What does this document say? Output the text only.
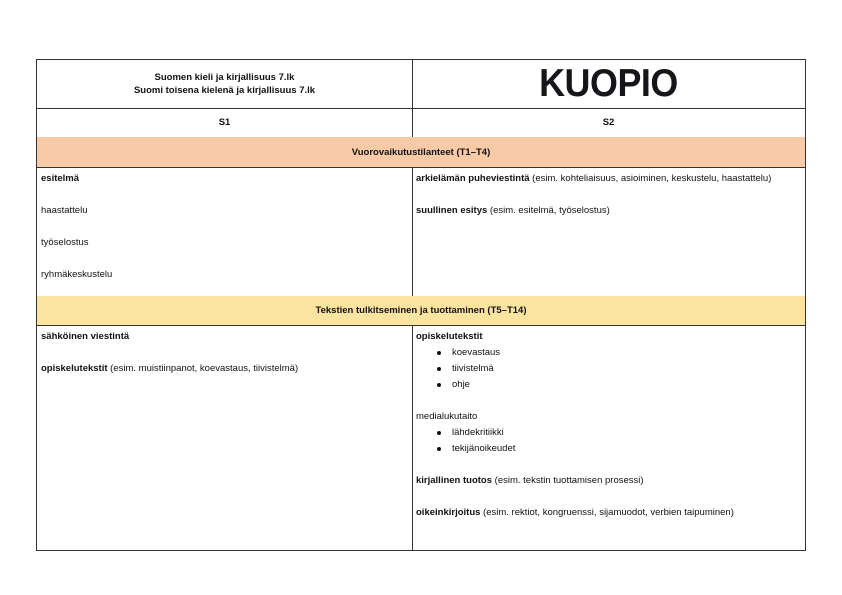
Suomen kieli ja kirjallisuus 7.lk
Suomi toisena kielenä ja kirjallisuus 7.lk	KUOPIO
S1	S2
Vuorovaikutustilanteet (T1–T4)

esitelmä

haastattelu

työselostus

ryhmäkeskustelu

arkielämän puheviestintä (esim. kohteliaisuus, asioiminen, keskustelu, haastattelu)

suullinen esitys (esim. esitelmä, työselostus)

Tekstien tulkitseminen ja tuottaminen (T5–T14)

sähköinen viestintä

opiskelutekstit (esim. muistiinpanot, koevastaus, tiivistelmä)

opiskelutekstit

koevastaus
tiivistelmä
ohje

medialukutaito

lähdekritiikki
tekijänoikeudet

kirjallinen tuotos (esim. tekstin tuottamisen prosessi)

oikeinkirjoitus (esim. rektiot, kongruenssi, sijamuodot, verbien taipuminen)
